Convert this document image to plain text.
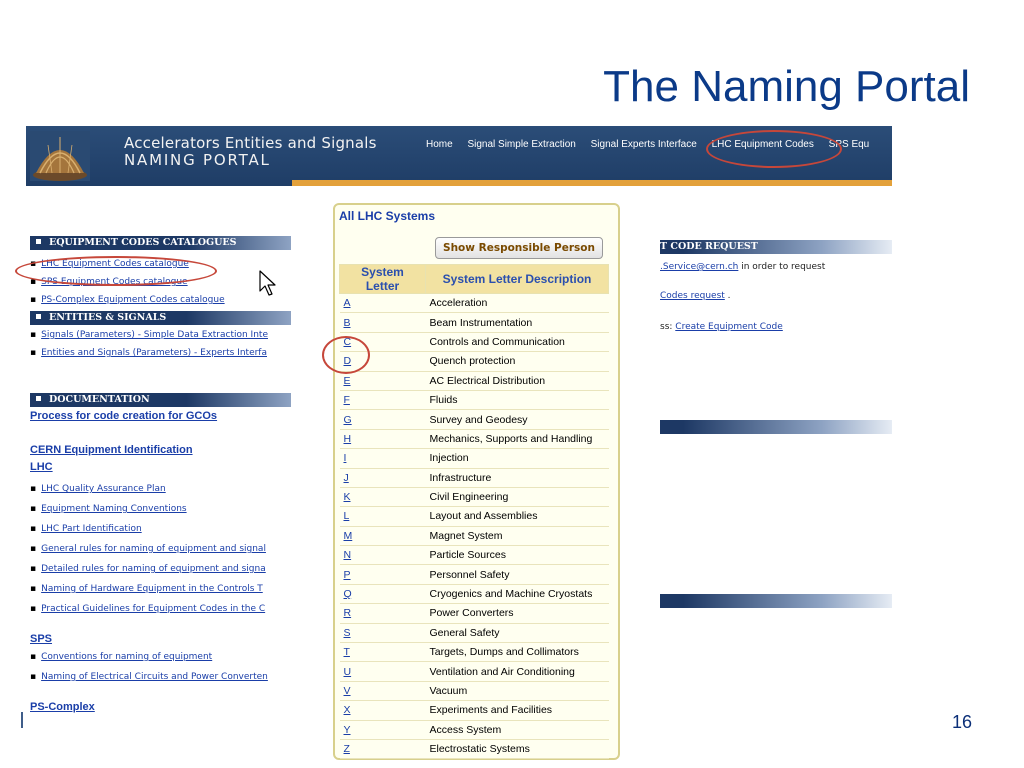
The Naming Portal
Accelerators Entities and Signals
NAMING PORTAL
Home Signal Simple Extraction Signal Experts Interface LHC Equipment Codes SPS Equ
EQUIPMENT CODES CATALOGUES
▪ LHC Equipment Codes catalogue
▪ SPS Equipment Codes catalogue
▪ PS-Complex Equipment Codes catalogue
ENTITIES & SIGNALS
▪ Signals (Parameters) - Simple Data Extraction Inte
▪ Entities and Signals (Parameters) - Experts Interfa
DOCUMENTATION
Process for code creation for GCOs
CERN Equipment Identification
LHC
▪ LHC Quality Assurance Plan
▪ Equipment Naming Conventions
▪ LHC Part Identification
▪ General rules for naming of equipment and signal
▪ Detailed rules for naming of equipment and signa
▪ Naming of Hardware Equipment in the Controls T
▪ Practical Guidelines for Equipment Codes in the C
SPS
▪ Conventions for naming of equipment
▪ Naming of Electrical Circuits and Power Converten
PS-Complex
T CODE REQUEST
.Service@cern.ch in order to request
Codes request .
ss: Create Equipment Code
All LHC Systems
Show Responsible Person
System Letter	System Letter Description
A	Acceleration
B	Beam Instrumentation
C	Controls and Communication
D	Quench protection
E	AC Electrical Distribution
F	Fluids
G	Survey and Geodesy
H	Mechanics, Supports and Handling
I	Injection
J	Infrastructure
K	Civil Engineering
L	Layout and Assemblies
M	Magnet System
N	Particle Sources
P	Personnel Safety
Q	Cryogenics and Machine Cryostats
R	Power Converters
S	General Safety
T	Targets, Dumps and Collimators
U	Ventilation and Air Conditioning
V	Vacuum
X	Experiments and Facilities
Y	Access System
Z	Electrostatic Systems
16
